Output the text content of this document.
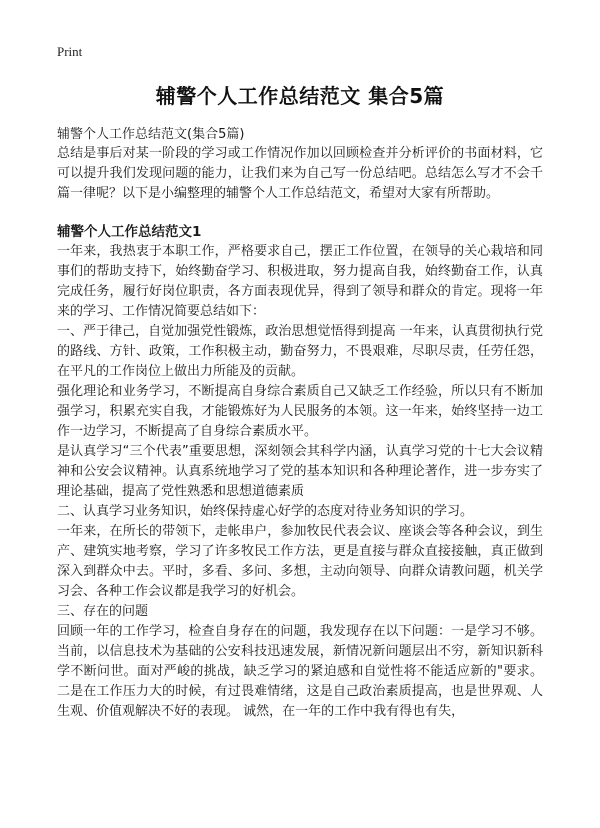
Print
辅警个人工作总结范文 集合5篇
辅警个人工作总结范文(集合5篇)

总结是事后对某一阶段的学习或工作情况作加以回顾检查并分析评价的书面材料，它可以提升我们发现问题的能力，让我们来为自己写一份总结吧。总结怎么写才不会千篇一律呢？以下是小编整理的辅警个人工作总结范文，希望对大家有所帮助。

辅警个人工作总结范文1

一年来，我热衷于本职工作，严格要求自己，摆正工作位置，在领导的关心栽培和同事们的帮助支持下，始终勤奋学习、积极进取，努力提高自我，始终勤奋工作，认真完成任务，履行好岗位职责，各方面表现优异，得到了领导和群众的肯定。现将一年来的学习、工作情况简要总结如下：

一、严于律己，自觉加强党性锻炼，政治思想觉悟得到提高 一年来，认真贯彻执行党的路线、方针、政策，工作积极主动，勤奋努力，不畏艰难，尽职尽责，任劳任怨，在平凡的工作岗位上做出力所能及的贡献。

强化理论和业务学习，不断提高自身综合素质自己又缺乏工作经验，所以只有不断加强学习，积累充实自我，才能锻炼好为人民服务的本领。这一年来，始终坚持一边工作一边学习，不断提高了自身综合素质水平。

是认真学习“三个代表”重要思想，深刻领会其科学内涵，认真学习党的十七大会议精神和公安会议精神。认真系统地学习了党的基本知识和各种理论著作，进一步夯实了理论基础，提高了党性熟悉和思想道德素质

二、认真学习业务知识，始终保持虚心好学的态度对待业务知识的学习。

一年来，在所长的带领下，走帐串户，参加牧民代表会议、座谈会等各种会议，到生产、建筑实地考察，学习了许多牧民工作方法，更是直接与群众直接接触，真正做到深入到群众中去。平时，多看、多问、多想，主动向领导、向群众请教问题，机关学习会、各种工作会议都是我学习的好机会。

三、存在的问题

回顾一年的工作学习，检查自身存在的问题，我发现存在以下问题：一是学习不够。当前，以信息技术为基础的公安科技迅速发展，新情况新问题层出不穷，新知识新科学不断问世。面对严峻的挑战，缺乏学习的紧迫感和自觉性将不能适应新的"要求。二是在工作压力大的时候，有过畏难情绪，这是自己政治素质提高，也是世界观、人生观、价值观解决不好的表现。 诚然，在一年的工作中我有得也有失，
